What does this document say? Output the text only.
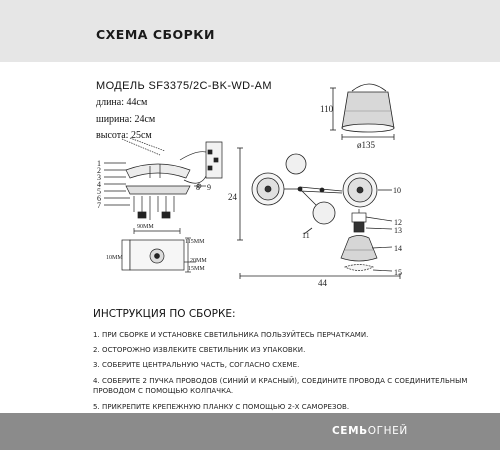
СХЕМА СБОРКИ
МОДЕЛЬ SF3375/2C-BK-WD-AM
длина: 44см
ширина: 24см
высота: 25см
110
ø135
1
2
3
4
5
6
7
8 9
90MM
115MM
10MM	20MM
15MM
24
44
10
11
12
13
14
15
ИНСТРУКЦИЯ ПО СБОРКЕ:
1. ПРИ СБОРКЕ И УСТАНОВКЕ СВЕТИЛЬНИКА ПОЛЬЗУЙТЕСЬ ПЕРЧАТКАМИ.
2. ОСТОРОЖНО ИЗВЛЕКИТЕ СВЕТИЛЬНИК ИЗ УПАКОВКИ.
3. СОБЕРИТЕ ЦЕНТРАЛЬНУЮ ЧАСТЬ, СОГЛАСНО СХЕМЕ.
4. СОБЕРИТЕ 2 ПУЧКА ПРОВОДОВ (СИНИЙ И КРАСНЫЙ), СОЕДИНИТЕ ПРОВОДА С СОЕДИНИТЕЛЬНЫМ
ПРОВОДОМ С ПОМОЩЬЮ КОЛПАЧКА.
5. ПРИКРЕПИТЕ КРЕПЕЖНУЮ ПЛАНКУ С ПОМОЩЬЮ 2-Х САМОРЕЗОВ.
СЕМЬОГНЕЙ
